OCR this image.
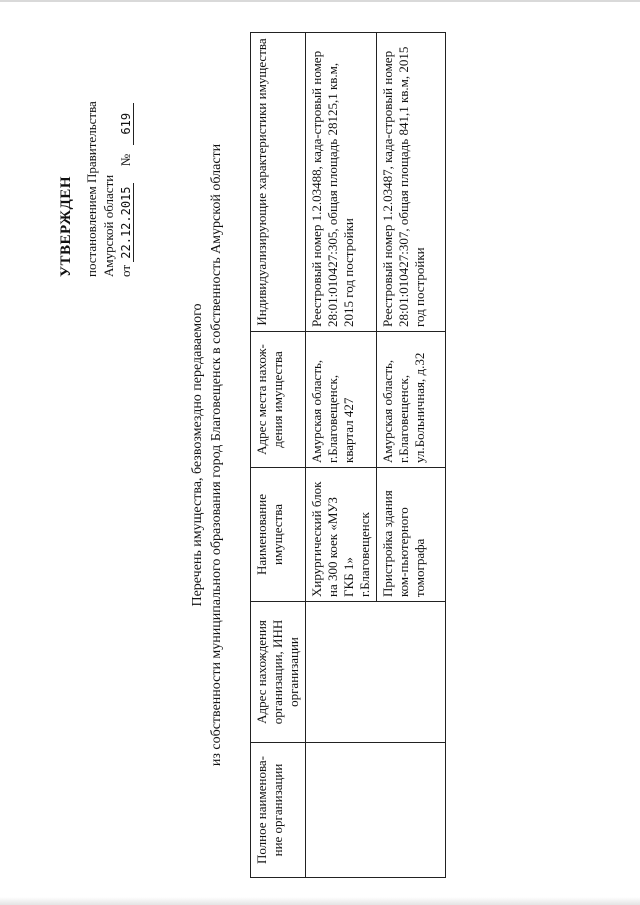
УТВЕРЖДЕН постановлением Правительства Амурской области от 22.12.2015 № 619
Перечень имущества, безвозмездно передаваемого из собственности муниципального образования город Благовещенск в собственность Амурской области
Полное наименова-ние организации	Адрес нахождения организации, ИНН организации	Наименование имущества	Адрес места нахож-дения имущества	Индивидуализирующие характеристики имущества
		Хирургический блок на 300 коек «МУЗ ГКБ 1» г.Благовещенск	Амурская область, г.Благовещенск, квартал 427	Реестровый номер 1.2.03488, када-стровый номер 28:01:010427:305, общая площадь 28125,1 кв.м, 2015 год постройки
		Пристройка здания ком-пьютерного томографа	Амурская область, г.Благовещенск, ул.Больничная, д.32	Реестровый номер 1.2.03487, када-стровый номер 28:01:010427:307, общая площадь 841,1 кв.м, 2015 год постройки
